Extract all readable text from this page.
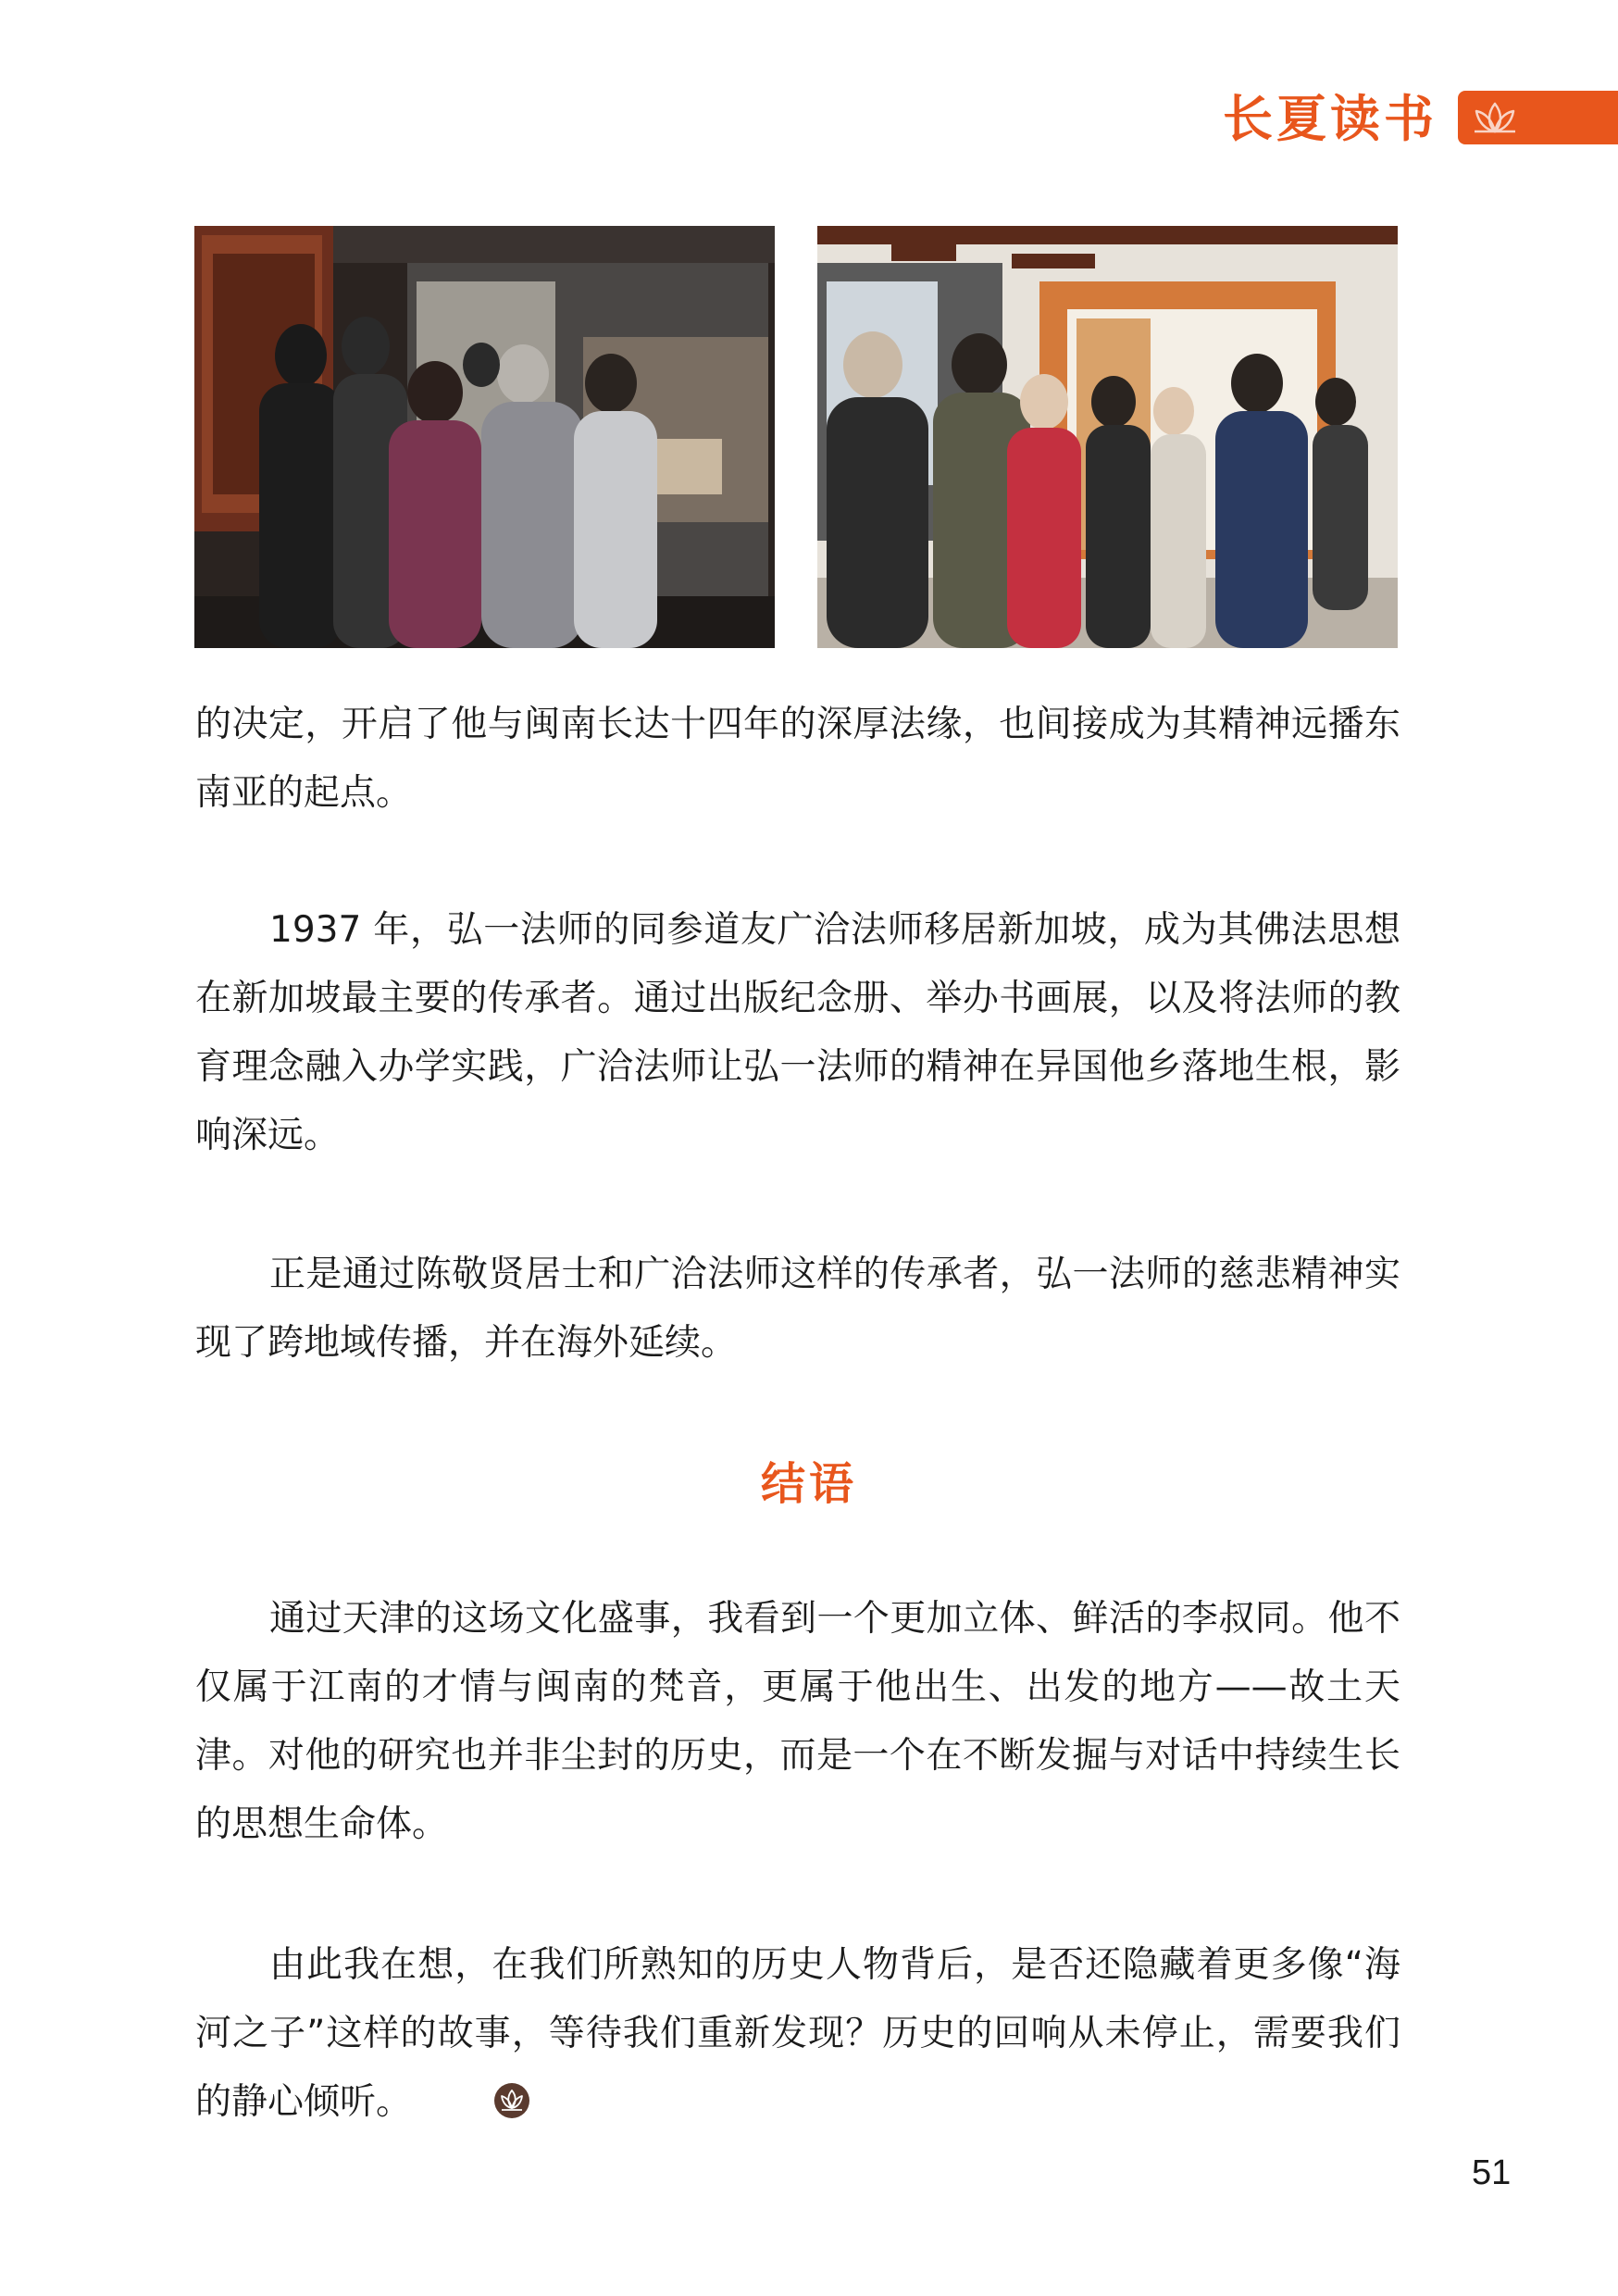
长夏读书

的决定，开启了他与闽南长达十四年的深厚法缘，也间接成为其精神远播东南亚的起点。

1937 年，弘一法师的同参道友广洽法师移居新加坡，成为其佛法思想在新加坡最主要的传承者。通过出版纪念册、举办书画展，以及将法师的教育理念融入办学实践，广洽法师让弘一法师的精神在异国他乡落地生根，影响深远。

正是通过陈敬贤居士和广洽法师这样的传承者，弘一法师的慈悲精神实现了跨地域传播，并在海外延续。

结语

通过天津的这场文化盛事，我看到一个更加立体、鲜活的李叔同。他不仅属于江南的才情与闽南的梵音，更属于他出生、出发的地方——故土天津。对他的研究也并非尘封的历史，而是一个在不断发掘与对话中持续生长的思想生命体。

由此我在想，在我们所熟知的历史人物背后，是否还隐藏着更多像“海河之子”这样的故事，等待我们重新发现？历史的回响从未停止，需要我们的静心倾听。

51
